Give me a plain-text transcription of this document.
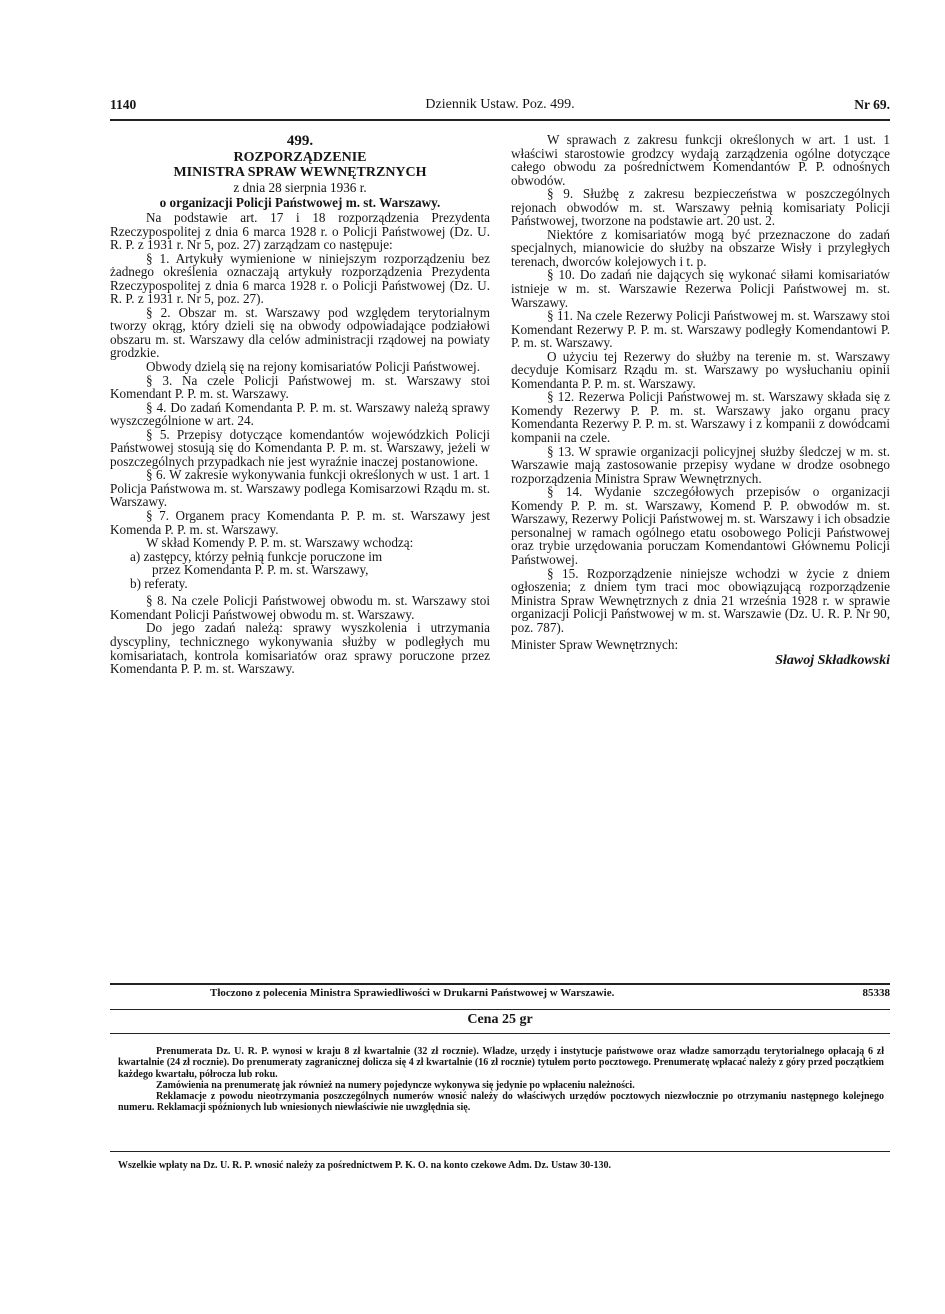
1140	Dziennik Ustaw. Poz. 499.	Nr 69.

499.

ROZPORZĄDZENIE

MINISTRA SPRAW WEWNĘTRZNYCH

z dnia 28 sierpnia 1936 r.

o organizacji Policji Państwowej m. st. Warszawy.

Na podstawie art. 17 i 18 rozporządzenia Prezydenta Rzeczypospolitej z dnia 6 marca 1928 r. o Policji Państwowej (Dz. U. R. P. z 1931 r. Nr 5, poz. 27) zarządzam co następuje:

§ 1. Artykuły wymienione w niniejszym rozporządzeniu bez żadnego określenia oznaczają artykuły rozporządzenia Prezydenta Rzeczypospolitej z dnia 6 marca 1928 r. o Policji Państwowej (Dz. U. R. P. z 1931 r. Nr 5, poz. 27).

§ 2. Obszar m. st. Warszawy pod względem terytorialnym tworzy okrąg, który dzieli się na obwody odpowiadające podziałowi obszaru m. st. Warszawy dla celów administracji rządowej na powiaty grodzkie.

Obwody dzielą się na rejony komisariatów Policji Państwowej.

§ 3. Na czele Policji Państwowej m. st. Warszawy stoi Komendant P. P. m. st. Warszawy.

§ 4. Do zadań Komendanta P. P. m. st. Warszawy należą sprawy wyszczególnione w art. 24.

§ 5. Przepisy dotyczące komendantów wojewódzkich Policji Państwowej stosują się do Komendanta P. P. m. st. Warszawy, jeżeli w poszczególnych przypadkach nie jest wyraźnie inaczej postanowione.

§ 6. W zakresie wykonywania funkcji określonych w ust. 1 art. 1 Policja Państwowa m. st. Warszawy podlega Komisarzowi Rządu m. st. Warszawy.

§ 7. Organem pracy Komendanta P. P. m. st. Warszawy jest Komenda P. P. m. st. Warszawy.

W skład Komendy P. P. m. st. Warszawy wchodzą:

a) zastępcy, którzy pełnią funkcje poruczone im

przez Komendanta P. P. m. st. Warszawy,

b) referaty.

§ 8. Na czele Policji Państwowej obwodu m. st. Warszawy stoi Komendant Policji Państwowej obwodu m. st. Warszawy.

Do jego zadań należą: sprawy wyszkolenia i utrzymania dyscypliny, technicznego wykonywania służby w podległych mu komisariatach, kontrola komisariatów oraz sprawy poruczone przez Komendanta P. P. m. st. Warszawy.

W sprawach z zakresu funkcji określonych w art. 1 ust. 1 właściwi starostowie grodzcy wydają zarządzenia ogólne dotyczące całego obwodu za pośrednictwem Komendantów P. P. odnośnych obwodów.

§ 9. Służbę z zakresu bezpieczeństwa w poszczególnych rejonach obwodów m. st. Warszawy pełnią komisariaty Policji Państwowej, tworzone na podstawie art. 20 ust. 2.

Niektóre z komisariatów mogą być przeznaczone do zadań specjalnych, mianowicie do służby na obszarze Wisły i przyległych terenach, dworców kolejowych i t. p.

§ 10. Do zadań nie dających się wykonać siłami komisariatów istnieje w m. st. Warszawie Rezerwa Policji Państwowej m. st. Warszawy.

§ 11. Na czele Rezerwy Policji Państwowej m. st. Warszawy stoi Komendant Rezerwy P. P. m. st. Warszawy podległy Komendantowi P. P. m. st. Warszawy.

O użyciu tej Rezerwy do służby na terenie m. st. Warszawy decyduje Komisarz Rządu m. st. Warszawy po wysłuchaniu opinii Komendanta P. P. m. st. Warszawy.

§ 12. Rezerwa Policji Państwowej m. st. Warszawy składa się z Komendy Rezerwy P. P. m. st. Warszawy jako organu pracy Komendanta Rezerwy P. P. m. st. Warszawy i z kompanii z dowódcami kompanii na czele.

§ 13. W sprawie organizacji policyjnej służby śledczej w m. st. Warszawie mają zastosowanie przepisy wydane w drodze osobnego rozporządzenia Ministra Spraw Wewnętrznych.

§ 14. Wydanie szczegółowych przepisów o organizacji Komendy P. P. m. st. Warszawy, Komend P. P. obwodów m. st. Warszawy, Rezerwy Policji Państwowej m. st. Warszawy i ich obsadzie personalnej w ramach ogólnego etatu osobowego Policji Państwowej oraz trybie urzędowania poruczam Komendantowi Głównemu Policji Państwowej.

§ 15. Rozporządzenie niniejsze wchodzi w życie z dniem ogłoszenia; z dniem tym traci moc obowiązującą rozporządzenie Ministra Spraw Wewnętrznych z dnia 21 września 1928 r. w sprawie organizacji Policji Państwowej w m. st. Warszawie (Dz. U. R. P. Nr 90, poz. 787).

Minister Spraw Wewnętrznych:

Sławoj Składkowski

Tłoczono z polecenia Ministra Sprawiedliwości w Drukarni Państwowej w Warszawie.	85338
Cena 25 gr

Prenumerata Dz. U. R. P. wynosi w kraju 8 zł kwartalnie (32 zł rocznie). Władze, urzędy i instytucje państwowe oraz władze samorządu terytorialnego opłacają 6 zł kwartalnie (24 zł rocznie). Do prenumeraty zagranicznej dolicza się 4 zł kwartalnie (16 zł rocznie) tytułem porto pocztowego. Prenumeratę wpłacać należy z góry przed początkiem każdego kwartału, półrocza lub roku.

Zamówienia na prenumeratę jak również na numery pojedyncze wykonywa się jedynie po wpłaceniu należności.

Reklamacje z powodu nieotrzymania poszczególnych numerów wnosić należy do właściwych urzędów pocztowych niezwłocznie po otrzymaniu następnego kolejnego numeru. Reklamacji spóźnionych lub wniesionych niewłaściwie nie uwzględnia się.

Wszelkie wpłaty na Dz. U. R. P. wnosić należy za pośrednictwem P. K. O. na konto czekowe Adm. Dz. Ustaw 30-130.
